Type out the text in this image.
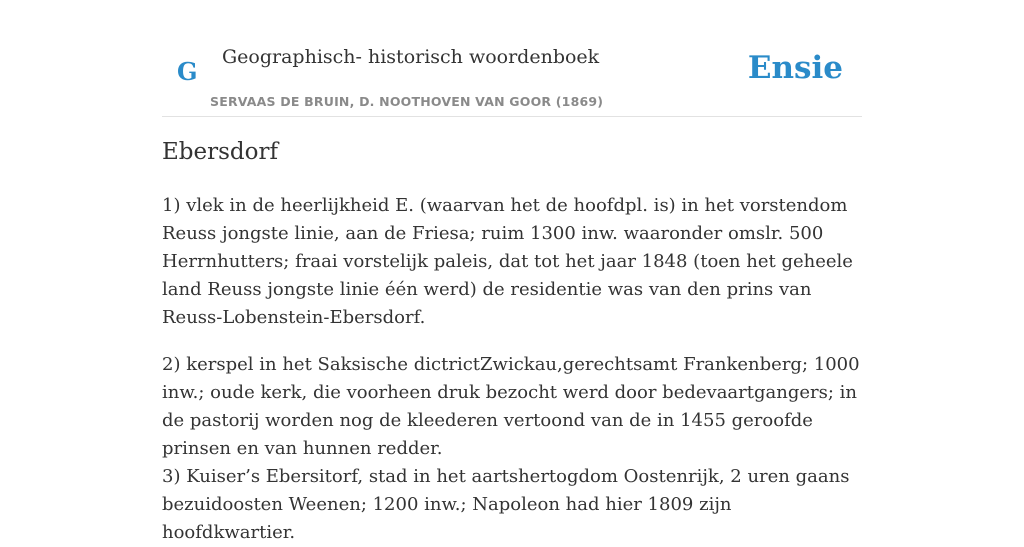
G Geographisch- historisch woordenboek
SERVAAS DE BRUIN, D. NOOTHOVEN VAN GOOR (1869)
Ensie
Ebersdorf

1) vlek in de heerlijkheid E. (waarvan het de hoofdpl. is) in het vorstendom Reuss jongste linie, aan de Friesa; ruim 1300 inw. waaronder omslr. 500 Herrnhutters; fraai vorstelijk paleis, dat tot het jaar 1848 (toen het geheele land Reuss jongste linie één werd) de residentie was van den prins van Reuss-Lobenstein-Ebersdorf.

2) kerspel in het Saksische dictrictZwickau,gerechtsamt Frankenberg; 1000 inw.; oude kerk, die voorheen druk bezocht werd door bedevaartgangers; in de pastorij worden nog de kleederen vertoond van de in 1455 geroofde prinsen en van hunnen redder.

3) Kuiser’s Ebersitorf, stad in het aartshertogdom Oostenrijk, 2 uren gaans bezuidoosten Weenen; 1200 inw.; Napoleon had hier 1809 zijn hoofdkwartier.
